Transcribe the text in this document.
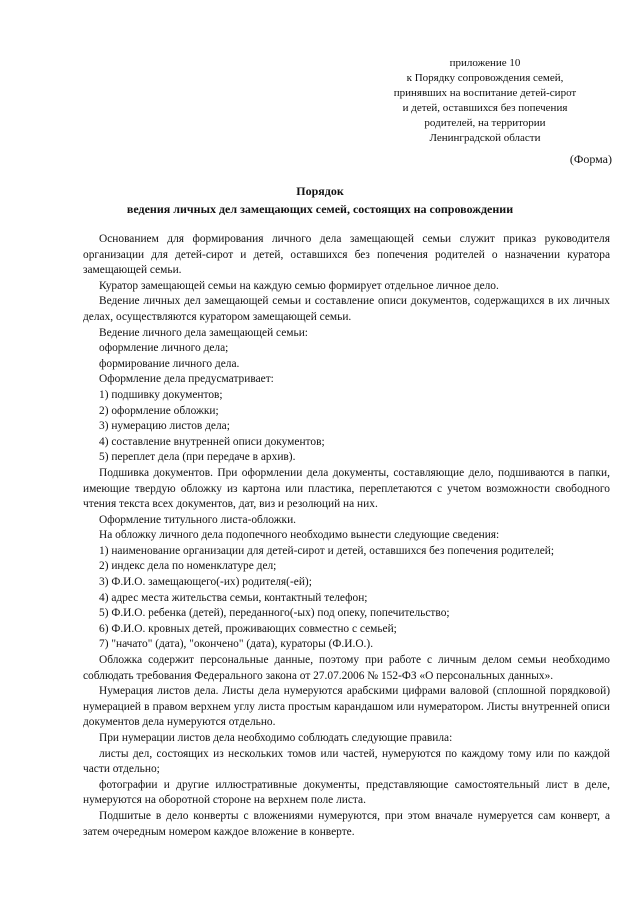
приложение 10
к Порядку сопровождения семей,
принявших на воспитание детей-сирот
и детей, оставшихся без попечения
родителей, на территории
Ленинградской области
(Форма)
Порядок
ведения личных дел замещающих семей, состоящих на сопровождении

Основанием для формирования личного дела замещающей семьи служит приказ руководителя организации для детей-сирот и детей, оставшихся без попечения родителей о назначении куратора замещающей семьи.

Куратор замещающей семьи на каждую семью формирует отдельное личное дело.

Ведение личных дел замещающей семьи и составление описи документов, содержащихся в их личных делах, осуществляются куратором замещающей семьи.

Ведение личного дела замещающей семьи:

оформление личного дела;

формирование личного дела.

Оформление дела предусматривает:

1) подшивку документов;

2) оформление обложки;

3) нумерацию листов дела;

4) составление внутренней описи документов;

5) переплет дела (при передаче в архив).

Подшивка документов. При оформлении дела документы, составляющие дело, подшиваются в папки, имеющие твердую обложку из картона или пластика, переплетаются с учетом возможности свободного чтения текста всех документов, дат, виз и резолюций на них.

Оформление титульного листа-обложки.

На обложку личного дела подопечного необходимо вынести следующие сведения:

1) наименование организации для детей-сирот и детей, оставшихся без попечения родителей;

2) индекс дела по номенклатуре дел;

3) Ф.И.О. замещающего(-их) родителя(-ей);

4) адрес места жительства семьи, контактный телефон;

5) Ф.И.О. ребенка (детей), переданного(-ых) под опеку, попечительство;

6) Ф.И.О. кровных детей, проживающих совместно с семьей;

7) "начато" (дата), "окончено" (дата), кураторы (Ф.И.О.).

Обложка содержит персональные данные, поэтому при работе с личным делом семьи необходимо соблюдать требования Федерального закона от 27.07.2006 № 152-ФЗ «О персональных данных».

Нумерация листов дела. Листы дела нумеруются арабскими цифрами валовой (сплошной порядковой) нумерацией в правом верхнем углу листа простым карандашом или нумератором. Листы внутренней описи документов дела нумеруются отдельно.

При нумерации листов дела необходимо соблюдать следующие правила:

листы дел, состоящих из нескольких томов или частей, нумеруются по каждому тому или по каждой части отдельно;

фотографии и другие иллюстративные документы, представляющие самостоятельный лист в деле, нумеруются на оборотной стороне на верхнем поле листа.

Подшитые в дело конверты с вложениями нумеруются, при этом вначале нумеруется сам конверт, а затем очередным номером каждое вложение в конверте.
